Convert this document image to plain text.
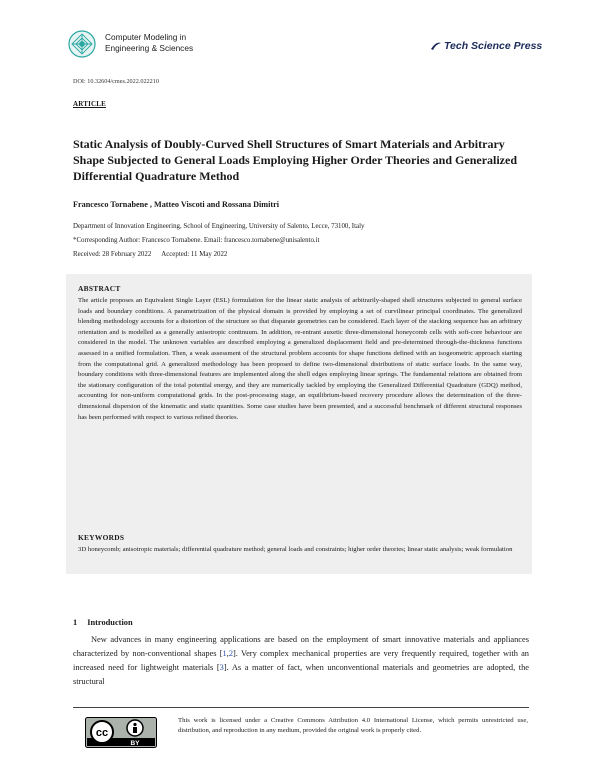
Computer Modeling in
Engineering & Sciences	Tech Science Press
DOI: 10.32604/cmes.2022.022210
ARTICLE
Static Analysis of Doubly-Curved Shell Structures of Smart Materials and Arbitrary Shape Subjected to General Loads Employing Higher Order Theories and Generalized Differential Quadrature Method
Francesco Tornabene , Matteo Viscoti and Rossana Dimitri
Department of Innovation Engineering, School of Engineering, University of Salento, Lecce, 73100, Italy
*Corresponding Author: Francesco Tornabene. Email: francesco.tornabene@unisalento.it
Received: 28 February 2022      Accepted: 11 May 2022
ABSTRACT
The article proposes an Equivalent Single Layer (ESL) formulation for the linear static analysis of arbitrarily-shaped shell structures subjected to general surface loads and boundary conditions. A parametrization of the physical domain is provided by employing a set of curvilinear principal coordinates. The generalized blending methodology accounts for a distortion of the structure so that disparate geometries can be considered. Each layer of the stacking sequence has an arbitrary orientation and is modelled as a generally anisotropic continuum. In addition, re-entrant auxetic three-dimensional honeycomb cells with soft-core behaviour are considered in the model. The unknown variables are described employing a generalized displacement field and pre-determined through-the-thickness functions assessed in a unified formulation. Then, a weak assessment of the structural problem accounts for shape functions defined with an isogeometric approach starting from the computational grid. A generalized methodology has been proposed to define two-dimensional distributions of static surface loads. In the same way, boundary conditions with three-dimensional features are implemented along the shell edges employing linear springs. The fundamental relations are obtained from the stationary configuration of the total potential energy, and they are numerically tackled by employing the Generalized Differential Quadrature (GDQ) method, accounting for non-uniform computational grids. In the post-processing stage, an equilibrium-based recovery procedure allows the determination of the three-dimensional dispersion of the kinematic and static quantities. Some case studies have been presented, and a successful benchmark of different structural responses has been performed with respect to various refined theories.
KEYWORDS
3D honeycomb; anisotropic materials; differential quadrature method; general loads and constraints; higher order theories; linear static analysis; weak formulation
1 Introduction
New advances in many engineering applications are based on the employment of smart innovative materials and appliances characterized by non-conventional shapes [1,2]. Very complex mechanical properties are very frequently required, together with an increased need for lightweight materials [3]. As a matter of fact, when unconventional materials and geometries are adopted, the structural
cc
BY
This work is licensed under a Creative Commons Attribution 4.0 International License, which permits unrestricted use, distribution, and reproduction in any medium, provided the original work is properly cited.
